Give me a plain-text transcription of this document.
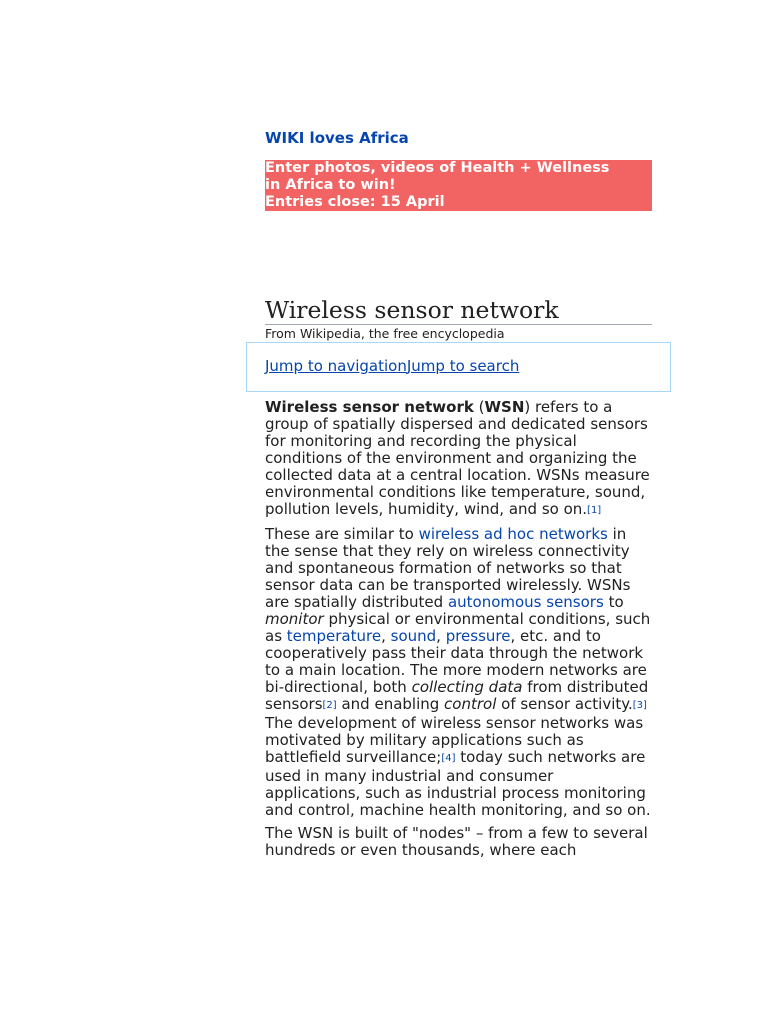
WIKI loves Africa
Enter photos, videos of Health + Wellness
in Africa to win!
Entries close: 15 April
Wireless sensor network
From Wikipedia, the free encyclopedia
Jump to navigationJump to search

Wireless sensor network (WSN) refers to a group of spatially dispersed and dedicated sensors for monitoring and recording the physical conditions of the environment and organizing the collected data at a central location. WSNs measure environmental conditions like temperature, sound, pollution levels, humidity, wind, and so on.[1]

These are similar to wireless ad hoc networks in the sense that they rely on wireless connectivity and spontaneous formation of networks so that sensor data can be transported wirelessly. WSNs are spatially distributed autonomous sensors to monitor physical or environmental conditions, such as temperature, sound, pressure, etc. and to cooperatively pass their data through the network to a main location. The more modern networks are bi-directional, both collecting data from distributed sensors[2] and enabling control of sensor activity.[3] The development of wireless sensor networks was motivated by military applications such as battlefield surveillance;[4] today such networks are used in many industrial and consumer applications, such as industrial process monitoring and control, machine health monitoring, and so on.

The WSN is built of "nodes" – from a few to several hundreds or even thousands, where each
